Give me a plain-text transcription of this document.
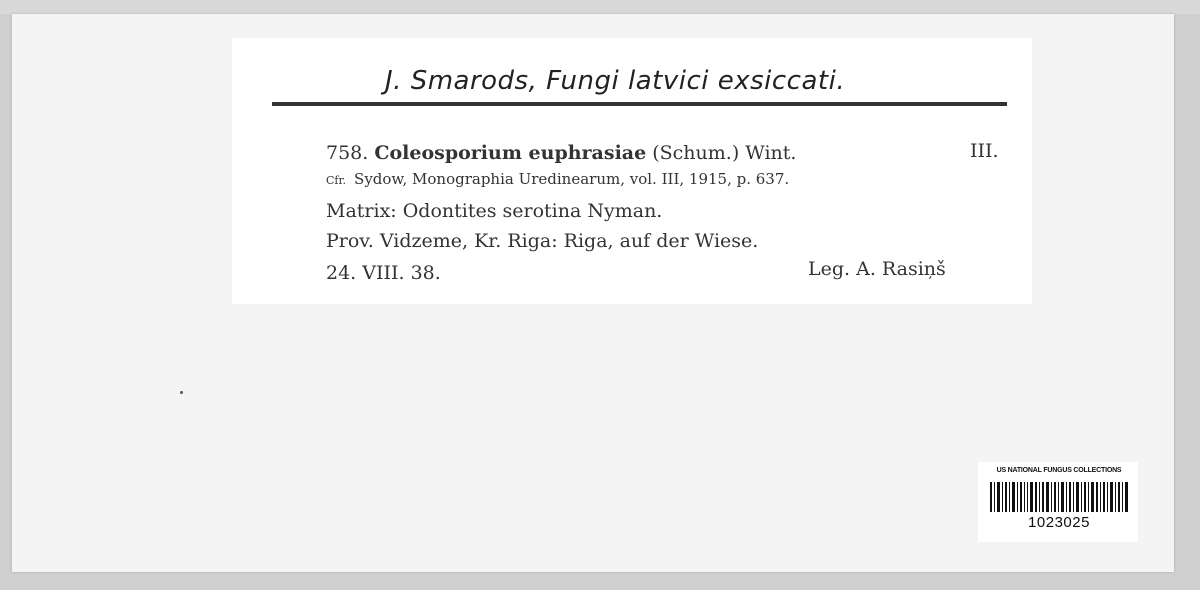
J. Smarods, Fungi latvici exsiccati.
758. Coleosporium euphrasiae (Schum.) Wint.	III.
Cfr. Sydow, Monographia Uredinearum, vol. III, 1915, p. 637.
Matrix: Odontites serotina Nyman.
Prov. Vidzeme, Kr. Riga: Riga, auf der Wiese.
24. VIII. 38.	Leg. A. Rasiņš
US NATIONAL FUNGUS COLLECTIONS
1023025
